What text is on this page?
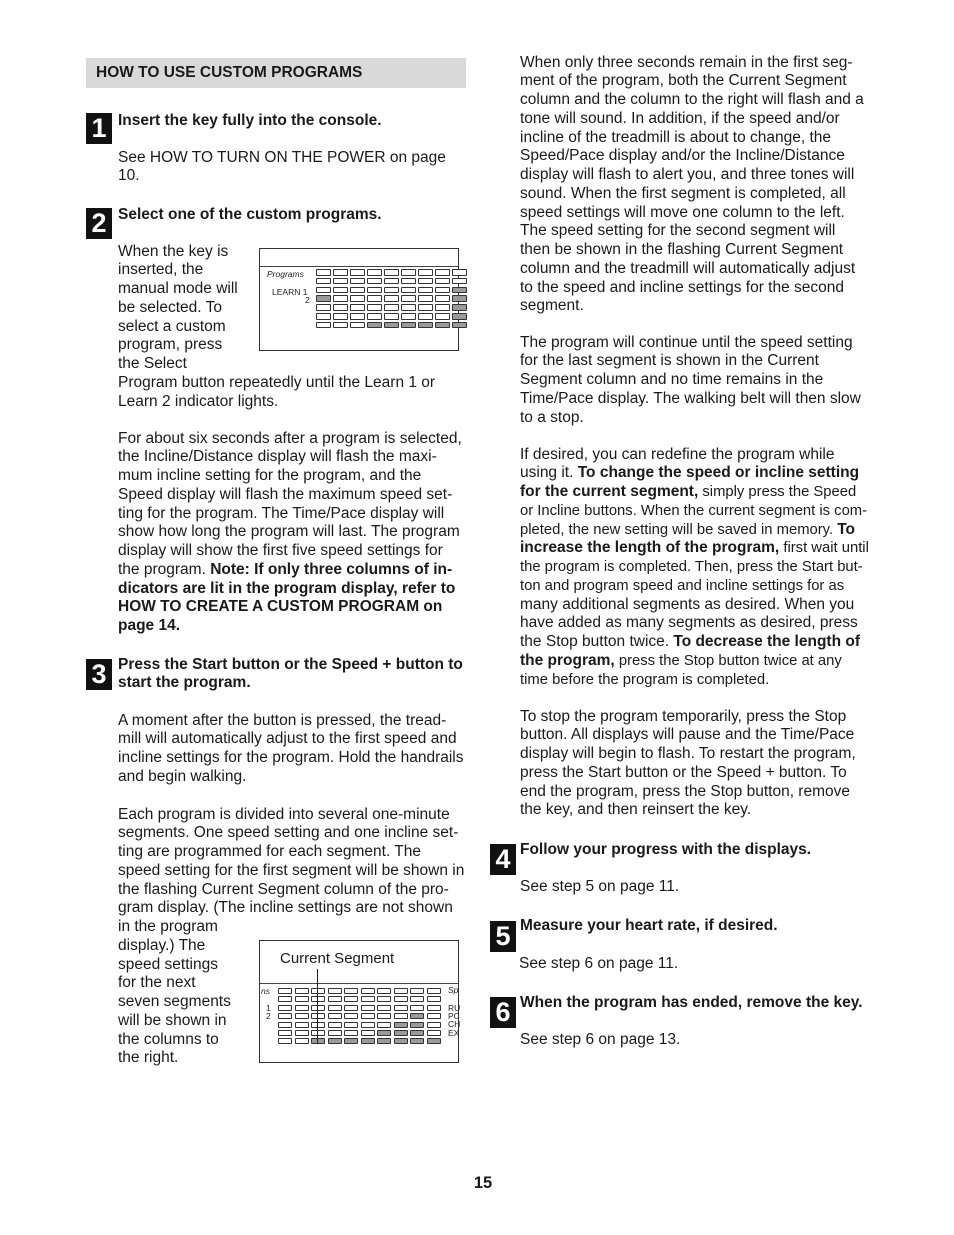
HOW TO USE CUSTOM PROGRAMS
1 Insert the key fully into the console.
See HOW TO TURN ON THE POWER on page
10.
2 Select one of the custom programs.
When the key is
inserted, the
manual mode will
be selected. To
select a custom
program, press
the Select
Program button repeatedly until the Learn 1 or
Learn 2 indicator lights.
Programs
LEARN 1
2
For about six seconds after a program is selected,
the Incline/Distance display will flash the maxi-
mum incline setting for the program, and the
Speed display will flash the maximum speed set-
ting for the program. The Time/Pace display will
show how long the program will last. The program
display will show the first five speed settings for
the program. Note: If only three columns of in-
dicators are lit in the program display, refer to
HOW TO CREATE A CUSTOM PROGRAM on
page 14.
3 Press the Start button or the Speed + button to
start the program.
A moment after the button is pressed, the tread-
mill will automatically adjust to the first speed and
incline settings for the program. Hold the handrails
and begin walking.
Each program is divided into several one-minute
segments. One speed setting and one incline set-
ting are programmed for each segment. The
speed setting for the first segment will be shown in
the flashing Current Segment column of the pro-
gram display. (The incline settings are not shown
in the program
display.) The
speed settings
for the next
seven segments
will be shown in
the columns to
the right.
Current Segment
ns
1
2
Sp
RU
PC
CH
EX
When only three seconds remain in the first seg-
ment of the program, both the Current Segment
column and the column to the right will flash and a
tone will sound. In addition, if the speed and/or
incline of the treadmill is about to change, the
Speed/Pace display and/or the Incline/Distance
display will flash to alert you, and three tones will
sound. When the first segment is completed, all
speed settings will move one column to the left.
The speed setting for the second segment will
then be shown in the flashing Current Segment
column and the treadmill will automatically adjust
to the speed and incline settings for the second
segment.
The program will continue until the speed setting
for the last segment is shown in the Current
Segment column and no time remains in the
Time/Pace display. The walking belt will then slow
to a stop.
If desired, you can redefine the program while
using it. To change the speed or incline setting
for the current segment, simply press the Speed
or Incline buttons. When the current segment is com-
pleted, the new setting will be saved in memory. To
increase the length of the program, first wait until
the program is completed. Then, press the Start but-
ton and program speed and incline settings for as
many additional segments as desired. When you
have added as many segments as desired, press
the Stop button twice. To decrease the length of
the program, press the Stop button twice at any
time before the program is completed.
To stop the program temporarily, press the Stop
button. All displays will pause and the Time/Pace
display will begin to flash. To restart the program,
press the Start button or the Speed + button. To
end the program, press the Stop button, remove
the key, and then reinsert the key.
4 Follow your progress with the displays.
See step 5 on page 11.
5 Measure your heart rate, if desired.
See step 6 on page 11.
6 When the program has ended, remove the key.
See step 6 on page 13.
15
